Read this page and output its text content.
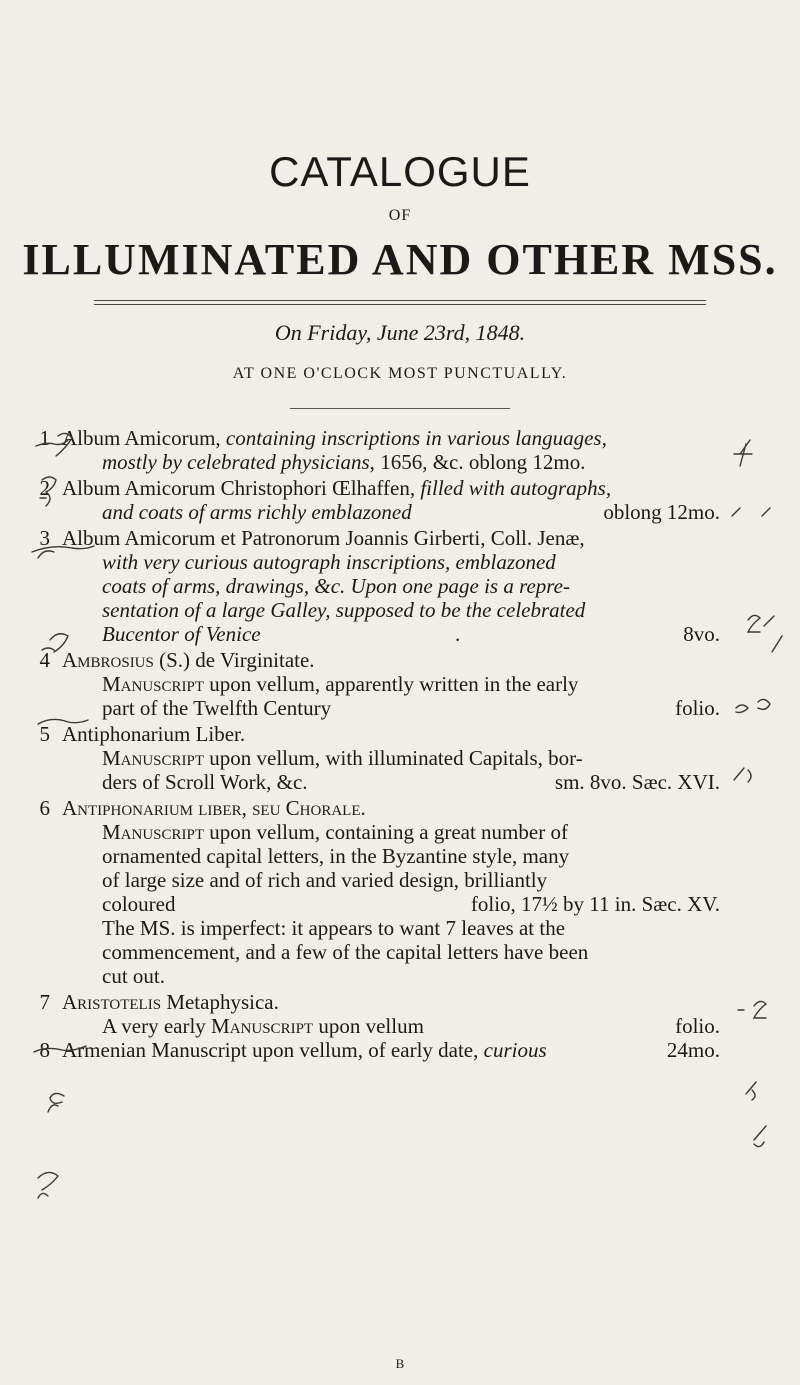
CATALOGUE
OF
ILLUMINATED AND OTHER MSS.
On Friday, June 23rd, 1848.
AT ONE O'CLOCK MOST PUNCTUALLY.
1 Album Amicorum, containing inscriptions in various languages,
mostly by celebrated physicians, 1656, &c. oblong 12mo.
2 Album Amicorum Christophori Œlhaffen, filled with autographs,
and coats of arms richly emblazoned	oblong 12mo.
3 Album Amicorum et Patronorum Joannis Girberti, Coll. Jenæ,
with very curious autograph inscriptions, emblazoned
coats of arms, drawings, &c. Upon one page is a repre-
sentation of a large Galley, supposed to be the celebrated
Bucentor of Venice	.	8vo.
4 Ambrosius (S.) de Virginitate.
Manuscript upon vellum, apparently written in the early
part of the Twelfth Century	folio.
5 Antiphonarium Liber.
Manuscript upon vellum, with illuminated Capitals, bor-
ders of Scroll Work, &c.	sm. 8vo. Sæc. XVI.
6 Antiphonarium liber, seu Chorale.
Manuscript upon vellum, containing a great number of
ornamented capital letters, in the Byzantine style, many
of large size and of rich and varied design, brilliantly
coloured	folio, 17½ by 11 in. Sæc. XV.
The MS. is imperfect: it appears to want 7 leaves at the
commencement, and a few of the capital letters have been
cut out.
7 Aristotelis Metaphysica.
A very early Manuscript upon vellum	folio.
8 Armenian Manuscript upon vellum, of early date, curious	24mo.
B
